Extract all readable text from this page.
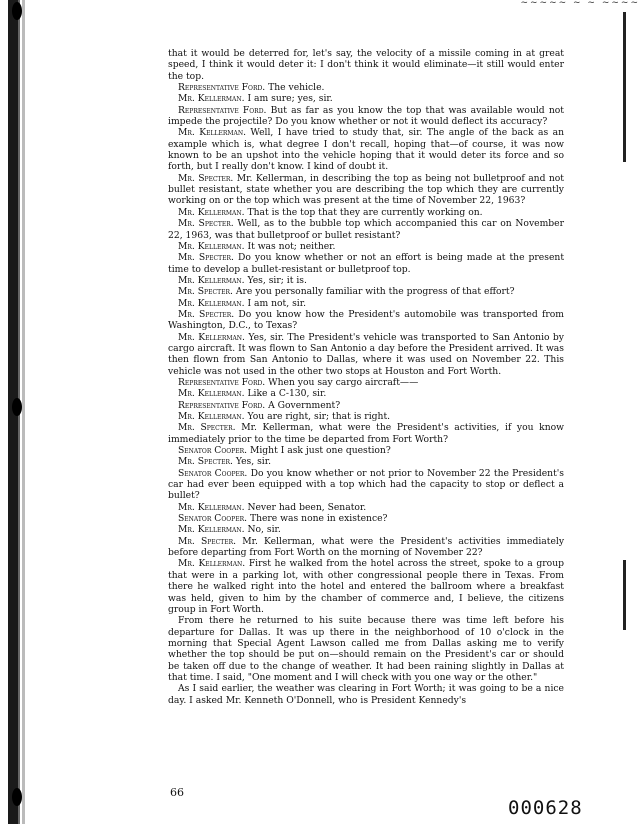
~~~~~ ~ ~ ~~~~

that it would be deterred for, let's say, the velocity of a missile coming in at great speed, I think it would deter it: I don't think it would eliminate—it still would enter the top.

Representative Ford. The vehicle.

Mr. Kellerman. I am sure; yes, sir.

Representative Ford. But as far as you know the top that was available would not impede the projectile? Do you know whether or not it would deflect its accuracy?

Mr. Kellerman. Well, I have tried to study that, sir. The angle of the back as an example which is, what degree I don't recall, hoping that—of course, it was now known to be an upshot into the vehicle hoping that it would deter its force and so forth, but I really don't know. I kind of doubt it.

Mr. Specter. Mr. Kellerman, in describing the top as being not bulletproof and not bullet resistant, state whether you are describing the top which they are currently working on or the top which was present at the time of November 22, 1963?

Mr. Kellerman. That is the top that they are currently working on.

Mr. Specter. Well, as to the bubble top which accompanied this car on November 22, 1963, was that bulletproof or bullet resistant?

Mr. Kellerman. It was not; neither.

Mr. Specter. Do you know whether or not an effort is being made at the present time to develop a bullet-resistant or bulletproof top.

Mr. Kellerman. Yes, sir; it is.

Mr. Specter. Are you personally familiar with the progress of that effort?

Mr. Kellerman. I am not, sir.

Mr. Specter. Do you know how the President's automobile was transported from Washington, D.C., to Texas?

Mr. Kellerman. Yes, sir. The President's vehicle was transported to San Antonio by cargo aircraft. It was flown to San Antonio a day before the President arrived. It was then flown from San Antonio to Dallas, where it was used on November 22. This vehicle was not used in the other two stops at Houston and Fort Worth.

Representative Ford. When you say cargo aircraft——

Mr. Kellerman. Like a C-130, sir.

Representative Ford. A Government?

Mr. Kellerman. You are right, sir; that is right.

Mr. Specter. Mr. Kellerman, what were the President's activities, if you know immediately prior to the time be departed from Fort Worth?

Senator Cooper. Might I ask just one question?

Mr. Specter. Yes, sir.

Senator Cooper. Do you know whether or not prior to November 22 the President's car had ever been equipped with a top which had the capacity to stop or deflect a bullet?

Mr. Kellerman. Never had been, Senator.

Senator Cooper. There was none in existence?

Mr. Kellerman. No, sir.

Mr. Specter. Mr. Kellerman, what were the President's activities immediately before departing from Fort Worth on the morning of November 22?

Mr. Kellerman. First he walked from the hotel across the street, spoke to a group that were in a parking lot, with other congressional people there in Texas. From there he walked right into the hotel and entered the ballroom where a breakfast was held, given to him by the chamber of commerce and, I believe, the citizens group in Fort Worth.

From there he returned to his suite because there was time left before his departure for Dallas. It was up there in the neighborhood of 10 o'clock in the morning that Special Agent Lawson called me from Dallas asking me to verify whether the top should be put on—should remain on the President's car or should be taken off due to the change of weather. It had been raining slightly in Dallas at that time. I said, "One moment and I will check with you one way or the other."

As I said earlier, the weather was clearing in Fort Worth; it was going to be a nice day. I asked Mr. Kenneth O'Donnell, who is President Kennedy's

66
000628
